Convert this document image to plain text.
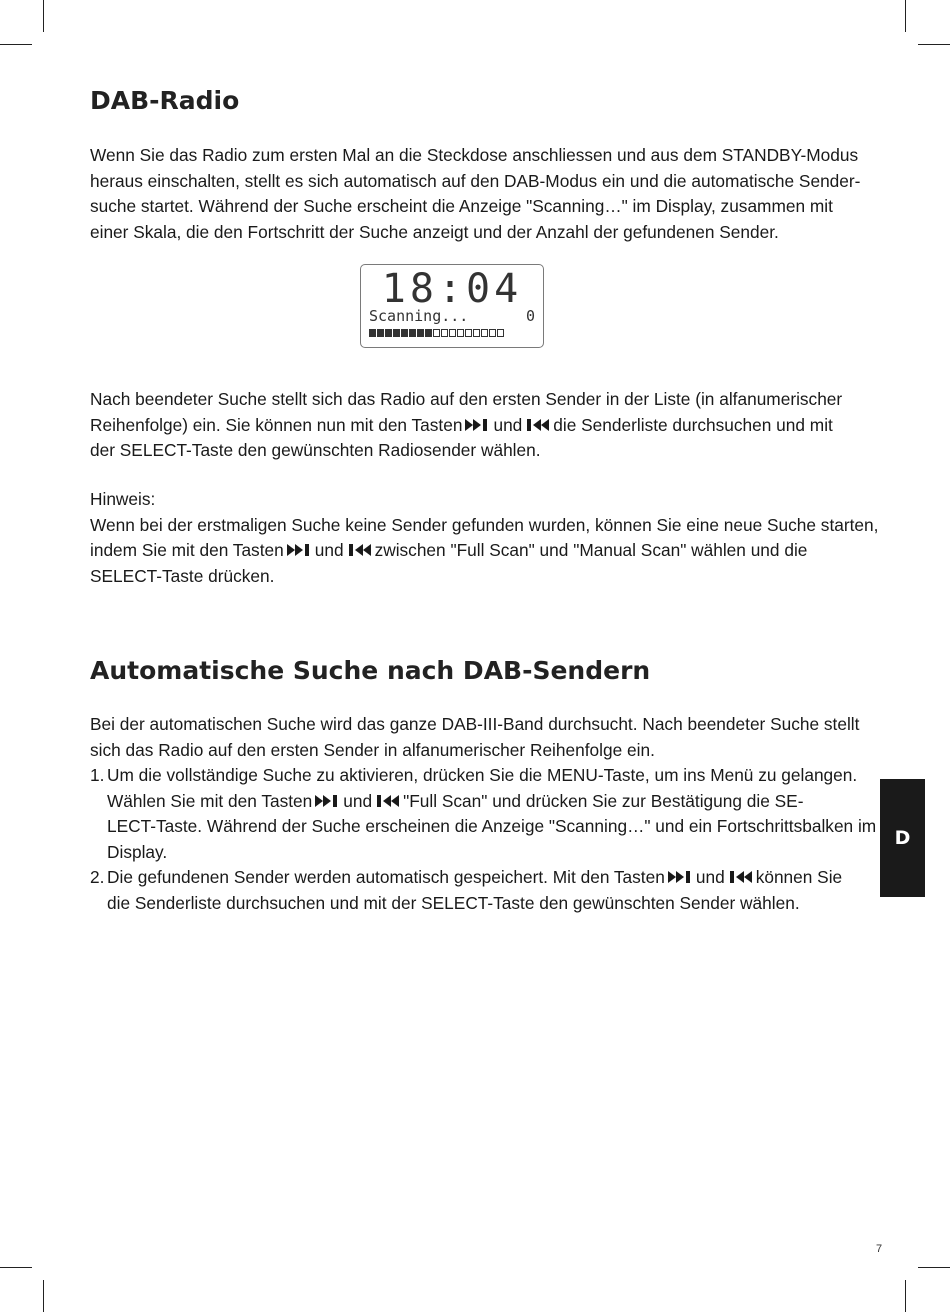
DAB-Radio
Wenn Sie das Radio zum ersten Mal an die Steckdose anschliessen und aus dem STANDBY-Modus
heraus einschalten, stellt es sich automatisch auf den DAB-Modus ein und die automatische Sender-
suche startet. Während der Suche erscheint die Anzeige "Scanning…" im Display, zusammen mit
einer Skala, die den Fortschritt der Suche anzeigt und der Anzahl der gefundenen Sender.
18:04
Scanning...	0
Nach beendeter Suche stellt sich das Radio auf den ersten Sender in der Liste (in alfanumerischer
Reihenfolge) ein. Sie können nun mit den Tasten und die Senderliste durchsuchen und mit
der SELECT-Taste den gewünschten Radiosender wählen.
Hinweis:
Wenn bei der erstmaligen Suche keine Sender gefunden wurden, können Sie eine neue Suche starten,
indem Sie mit den Tasten und zwischen "Full Scan" und "Manual Scan" wählen und die
SELECT-Taste drücken.
Automatische Suche nach DAB-Sendern
Bei der automatischen Suche wird das ganze DAB-III-Band durchsucht. Nach beendeter Suche stellt
sich das Radio auf den ersten Sender in alfanumerischer Reihenfolge ein.
1. Um die vollständige Suche zu aktivieren, drücken Sie die MENU-Taste, um ins Menü zu gelangen.
Wählen Sie mit den Tasten und "Full Scan" und drücken Sie zur Bestätigung die SE-
LECT-Taste. Während der Suche erscheinen die Anzeige "Scanning…" und ein Fortschrittsbalken im
Display.
2. Die gefundenen Sender werden automatisch gespeichert. Mit den Tasten und können Sie
die Senderliste durchsuchen und mit der SELECT-Taste den gewünschten Sender wählen.
D
7
